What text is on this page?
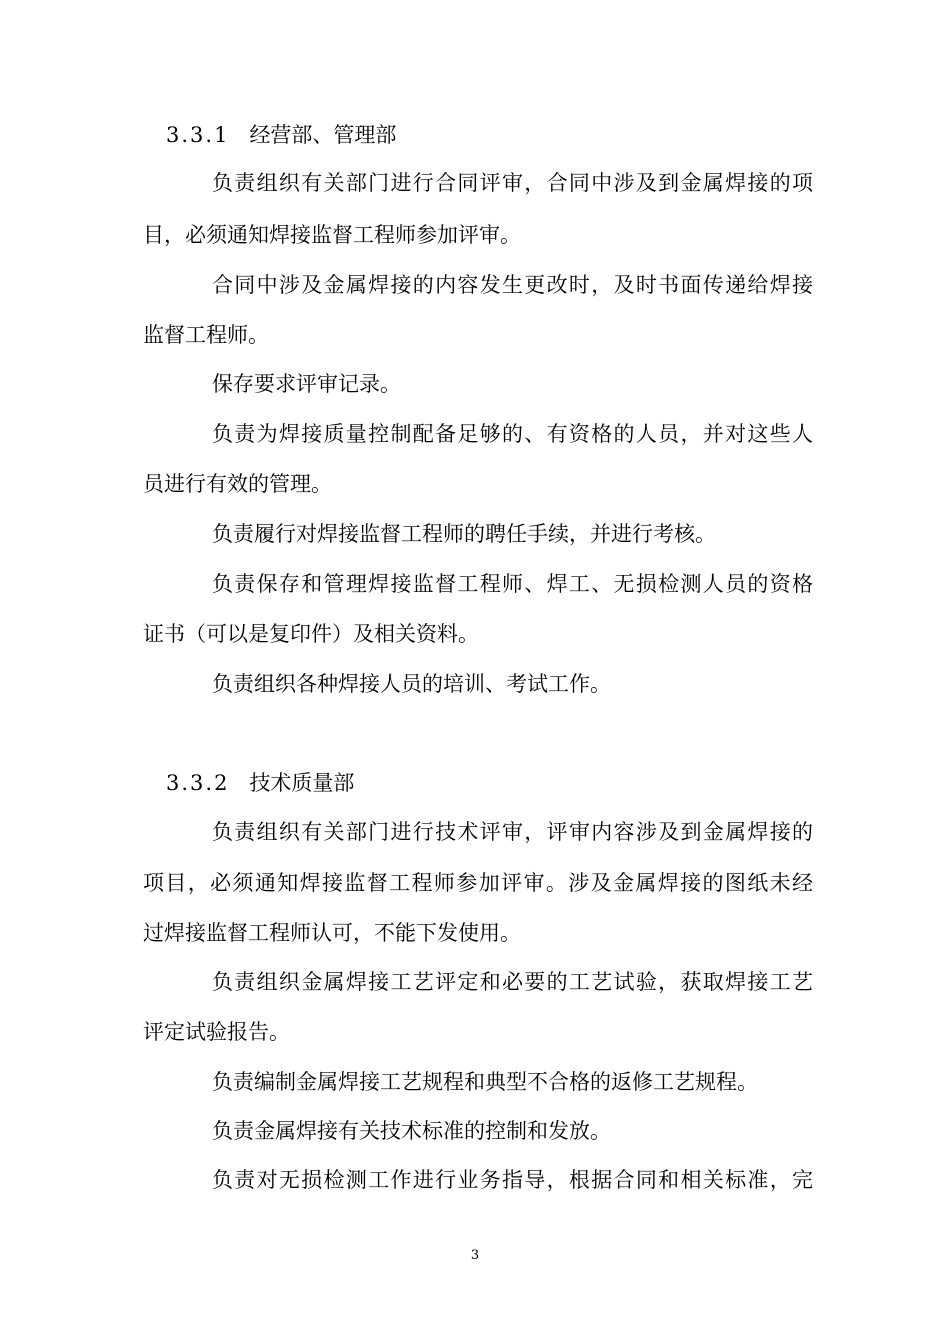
3.3.1 经营部、管理部
负责组织有关部门进行合同评审，合同中涉及到金属焊接的项
目，必须通知焊接监督工程师参加评审。
合同中涉及金属焊接的内容发生更改时，及时书面传递给焊接
监督工程师。
保存要求评审记录。
负责为焊接质量控制配备足够的、有资格的人员，并对这些人
员进行有效的管理。
负责履行对焊接监督工程师的聘任手续，并进行考核。
负责保存和管理焊接监督工程师、焊工、无损检测人员的资格
证书（可以是复印件）及相关资料。
负责组织各种焊接人员的培训、考试工作。
3.3.2 技术质量部
负责组织有关部门进行技术评审，评审内容涉及到金属焊接的
项目，必须通知焊接监督工程师参加评审。涉及金属焊接的图纸未经
过焊接监督工程师认可，不能下发使用。
负责组织金属焊接工艺评定和必要的工艺试验，获取焊接工艺
评定试验报告。
负责编制金属焊接工艺规程和典型不合格的返修工艺规程。
负责金属焊接有关技术标准的控制和发放。
负责对无损检测工作进行业务指导，根据合同和相关标准，完
3
